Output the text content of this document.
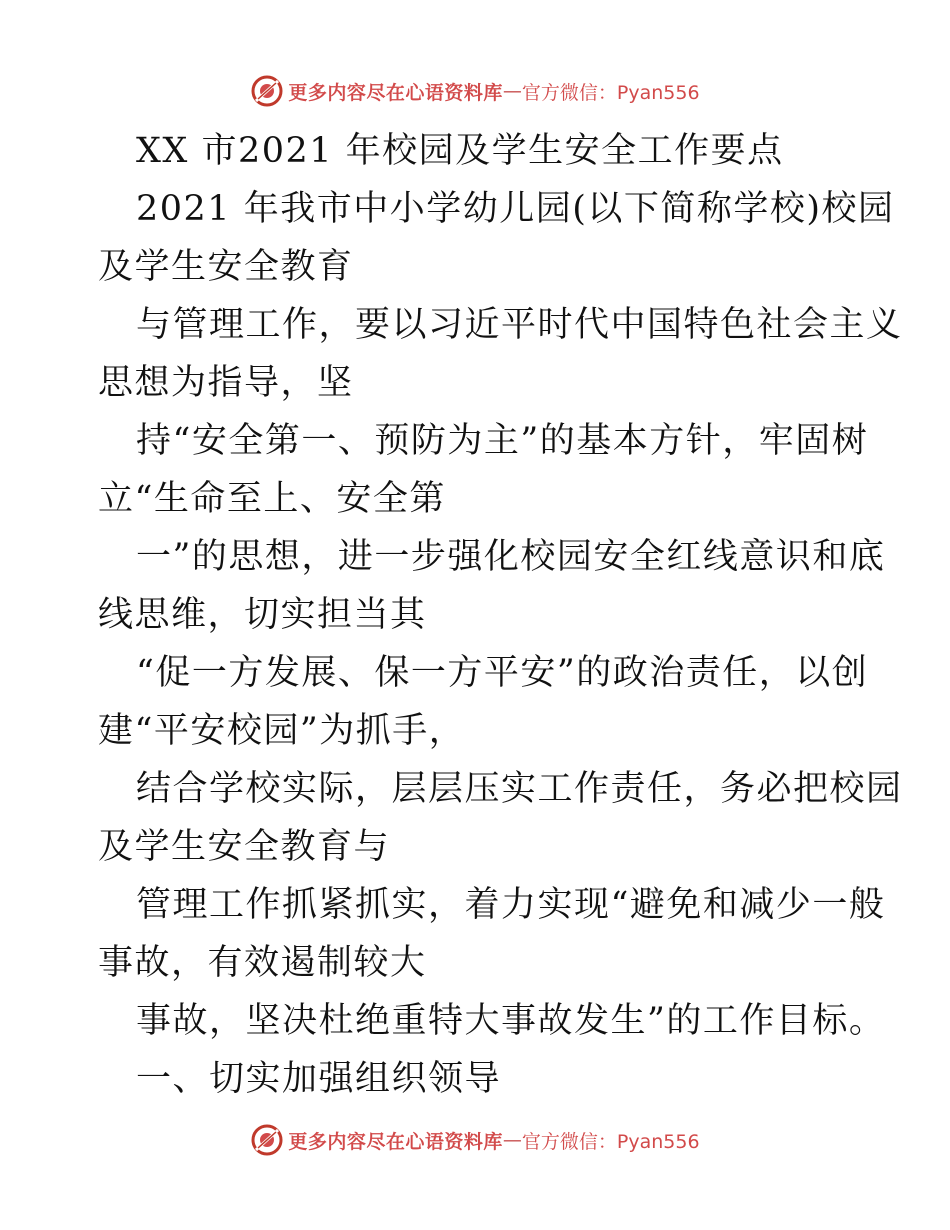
更多内容尽在心语资料库 — 官方微信：Pyan556
XX 市2021 年校园及学生安全工作要点
2021 年我市中小学幼儿园(以下简称学校)校园
及学生安全教育
与管理工作，要以习近平时代中国特色社会主义
思想为指导，坚
持“安全第一、预防为主”的基本方针，牢固树
立“生命至上、安全第
一”的思想，进一步强化校园安全红线意识和底
线思维，切实担当其
“促一方发展、保一方平安”的政治责任，以创
建“平安校园”为抓手，
结合学校实际，层层压实工作责任，务必把校园
及学生安全教育与
管理工作抓紧抓实，着力实现“避免和减少一般
事故，有效遏制较大
事故，坚决杜绝重特大事故发生”的工作目标。
一、切实加强组织领导
更多内容尽在心语资料库 — 官方微信：Pyan556
